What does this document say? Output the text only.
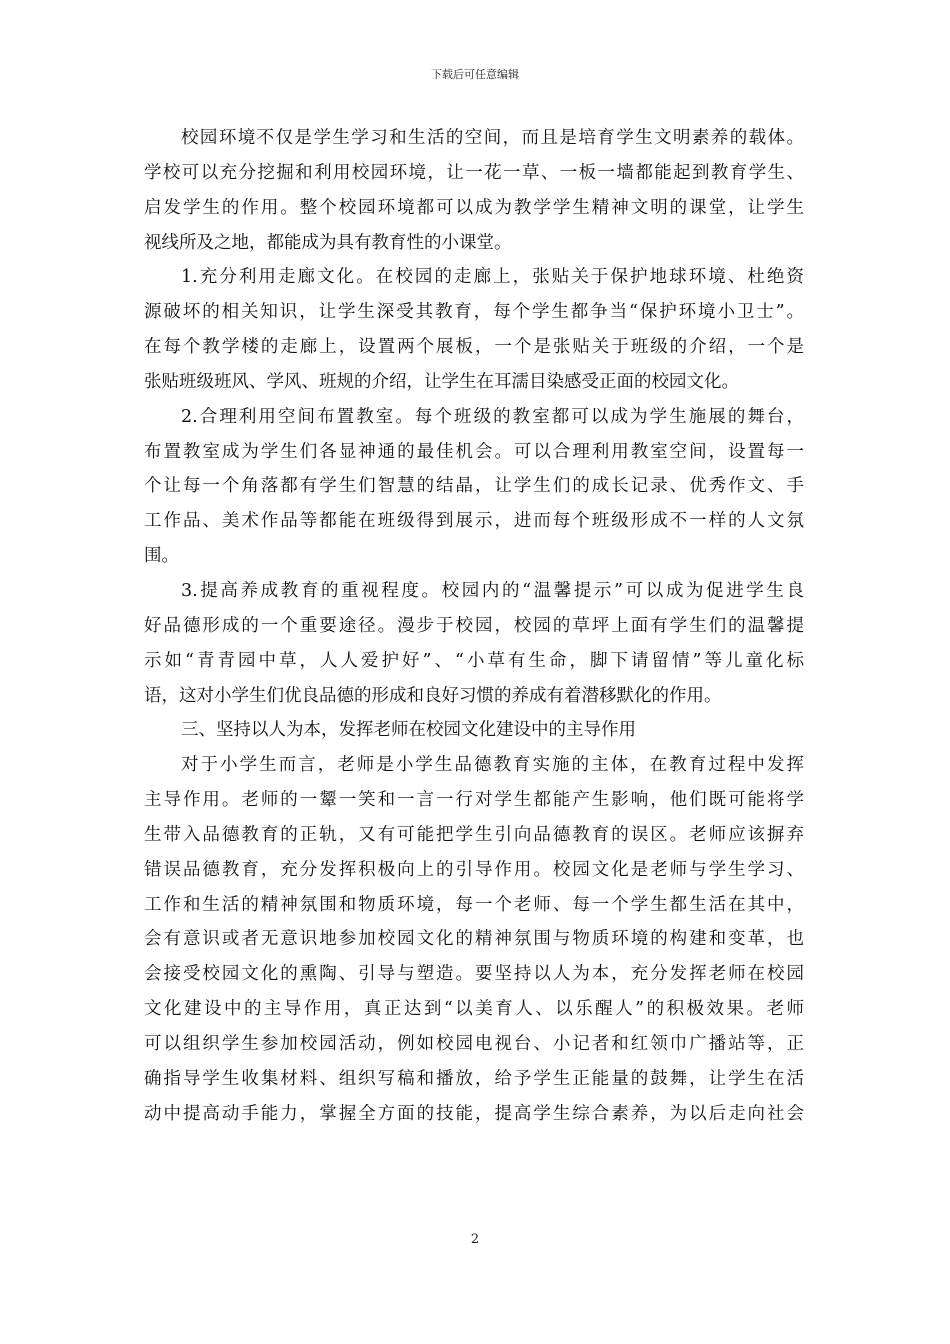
下载后可任意编辑
校园环境不仅是学生学习和生活的空间，而且是培育学生文明素养的载体。
学校可以充分挖掘和利用校园环境，让一花一草、一板一墙都能起到教育学生、
启发学生的作用。整个校园环境都可以成为教学学生精神文明的课堂，让学生
视线所及之地，都能成为具有教育性的小课堂。
1.充分利用走廊文化。在校园的走廊上，张贴关于保护地球环境、杜绝资
源破坏的相关知识，让学生深受其教育，每个学生都争当“保护环境小卫士”。
在每个教学楼的走廊上，设置两个展板，一个是张贴关于班级的介绍，一个是
张贴班级班风、学风、班规的介绍，让学生在耳濡目染感受正面的校园文化。
2.合理利用空间布置教室。每个班级的教室都可以成为学生施展的舞台，
布置教室成为学生们各显神通的最佳机会。可以合理利用教室空间，设置每一
个让每一个角落都有学生们智慧的结晶，让学生们的成长记录、优秀作文、手
工作品、美术作品等都能在班级得到展示，进而每个班级形成不一样的人文氛
围。
3.提高养成教育的重视程度。校园内的“温馨提示”可以成为促进学生良
好品德形成的一个重要途径。漫步于校园，校园的草坪上面有学生们的温馨提
示如“青青园中草，人人爱护好”、“小草有生命，脚下请留情”等儿童化标
语，这对小学生们优良品德的形成和良好习惯的养成有着潜移默化的作用。
三、坚持以人为本，发挥老师在校园文化建设中的主导作用
对于小学生而言，老师是小学生品德教育实施的主体，在教育过程中发挥
主导作用。老师的一颦一笑和一言一行对学生都能产生影响，他们既可能将学
生带入品德教育的正轨，又有可能把学生引向品德教育的误区。老师应该摒弃
错误品德教育，充分发挥积极向上的引导作用。校园文化是老师与学生学习、
工作和生活的精神氛围和物质环境，每一个老师、每一个学生都生活在其中，
会有意识或者无意识地参加校园文化的精神氛围与物质环境的构建和变革，也
会接受校园文化的熏陶、引导与塑造。要坚持以人为本，充分发挥老师在校园
文化建设中的主导作用，真正达到“以美育人、以乐醒人”的积极效果。老师
可以组织学生参加校园活动，例如校园电视台、小记者和红领巾广播站等，正
确指导学生收集材料、组织写稿和播放，给予学生正能量的鼓舞，让学生在活
动中提高动手能力，掌握全方面的技能，提高学生综合素养，为以后走向社会
2
